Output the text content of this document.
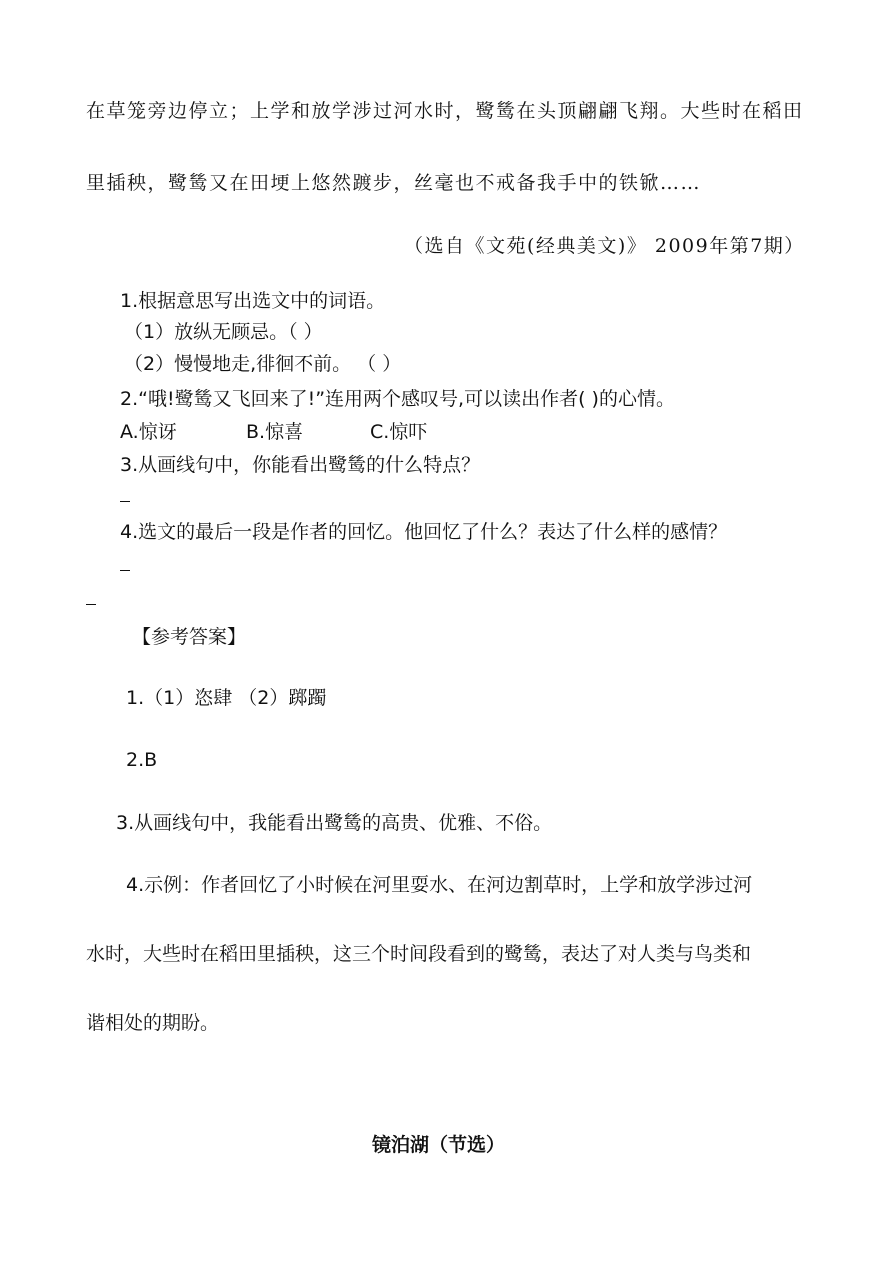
在草笼旁边停立；上学和放学涉过河水时，鹭鸶在头顶翩翩飞翔。大些时在稻田
里插秧，鹭鸶又在田埂上悠然踱步，丝毫也不戒备我手中的铁锨……
（选自《文苑(经典美文)》 2009年第7期）
1.根据意思写出选文中的词语。
（1）放纵无顾忌。（ ）
（2）慢慢地走,徘徊不前。 （ ）
2.“哦!鹭鸶又飞回来了!”连用两个感叹号,可以读出作者( )的心情。
A.惊讶	B.惊喜	C.惊吓
3.从画线句中，你能看出鹭鸶的什么特点？
4.选文的最后一段是作者的回忆。他回忆了什么？表达了什么样的感情？
【参考答案】
1.（1）恣肆 （2）踯躅
2.B
3.从画线句中，我能看出鹭鸶的高贵、优雅、不俗。
4.示例：作者回忆了小时候在河里耍水、在河边割草时，上学和放学涉过河
水时，大些时在稻田里插秧，这三个时间段看到的鹭鸶，表达了对人类与鸟类和
谐相处的期盼。
镜泊湖（节选）
